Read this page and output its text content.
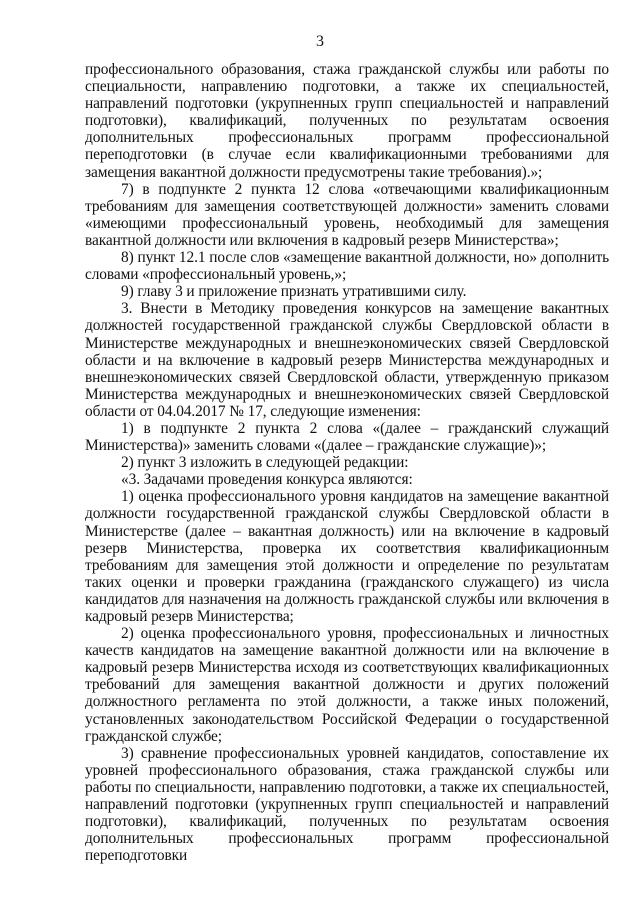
3

профессионального образования, стажа гражданской службы или работы по специальности, направлению подготовки, а также их специальностей, направлений подготовки (укрупненных групп специальностей и направлений подготовки), квалификаций, полученных по результатам освоения дополнительных профессиональных программ профессиональной переподготовки (в случае если квалификационными требованиями для замещения вакантной должности предусмотрены такие требования).»;

7) в подпункте 2 пункта 12 слова «отвечающими квалификационным требованиям для замещения соответствующей должности» заменить словами «имеющими профессиональный уровень, необходимый для замещения вакантной должности или включения в кадровый резерв Министерства»;

8) пункт 12.1 после слов «замещение вакантной должности, но» дополнить словами «профессиональный уровень,»;

9) главу 3 и приложение признать утратившими силу.

3. Внести в Методику проведения конкурсов на замещение вакантных должностей государственной гражданской службы Свердловской области в Министерстве международных и внешнеэкономических связей Свердловской области и на включение в кадровый резерв Министерства международных и внешнеэкономических связей Свердловской области, утвержденную приказом Министерства международных и внешнеэкономических связей Свердловской области от 04.04.2017 № 17, следующие изменения:

1) в подпункте 2 пункта 2 слова «(далее – гражданский служащий Министерства)» заменить словами «(далее – гражданские служащие)»;

2) пункт 3 изложить в следующей редакции:

«3. Задачами проведения конкурса являются:

1) оценка профессионального уровня кандидатов на замещение вакантной должности государственной гражданской службы Свердловской области в Министерстве (далее – вакантная должность) или на включение в кадровый резерв Министерства, проверка их соответствия квалификационным требованиям для замещения этой должности и определение по результатам таких оценки и проверки гражданина (гражданского служащего) из числа кандидатов для назначения на должность гражданской службы или включения в кадровый резерв Министерства;

2) оценка профессионального уровня, профессиональных и личностных качеств кандидатов на замещение вакантной должности или на включение в кадровый резерв Министерства исходя из соответствующих квалификационных требований для замещения вакантной должности и других положений должностного регламента по этой должности, а также иных положений, установленных законодательством Российской Федерации о государственной гражданской службе;

3) сравнение профессиональных уровней кандидатов, сопоставление их уровней профессионального образования, стажа гражданской службы или работы по специальности, направлению подготовки, а также их специальностей, направлений подготовки (укрупненных групп специальностей и направлений подготовки), квалификаций, полученных по результатам освоения дополнительных профессиональных программ профессиональной переподготовки
